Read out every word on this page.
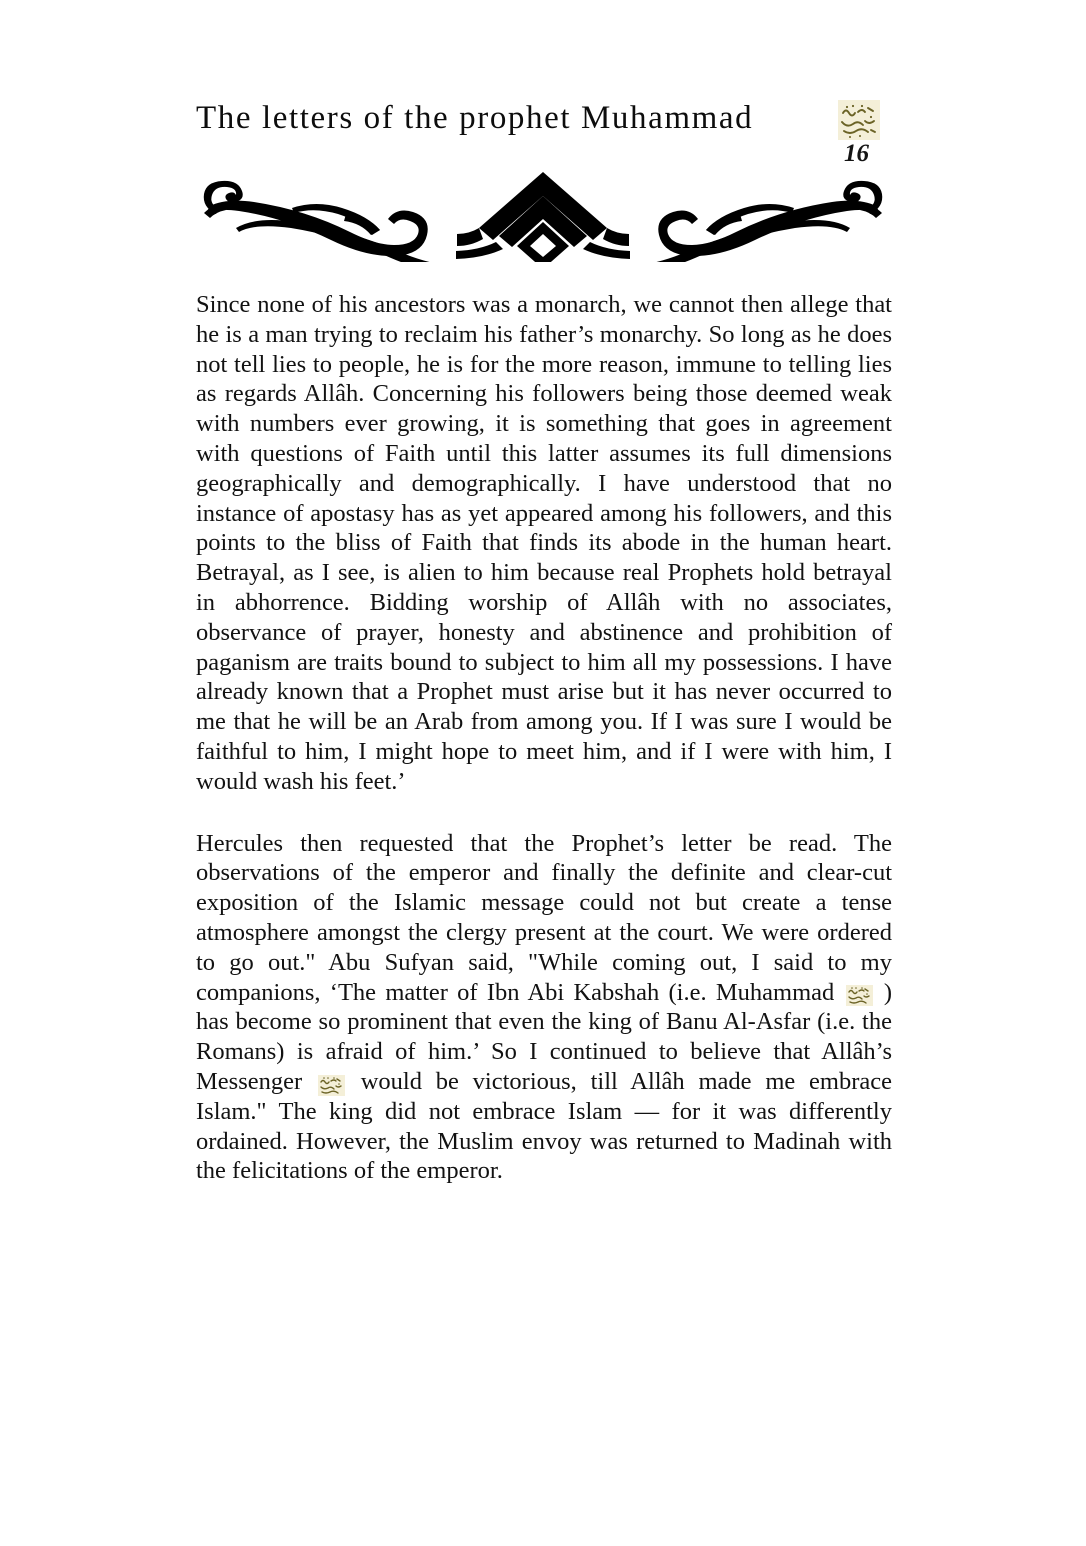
The letters of the prophet Muhammad
16

Since none of his ancestors was a monarch, we cannot then allege that he is a man trying to reclaim his father’s monarchy. So long as he does not tell lies to people, he is for the more reason, immune to telling lies as regards Allâh. Concerning his followers being those deemed weak with numbers ever growing, it is something that goes in agreement with questions of Faith until this latter assumes its full dimensions geographically and demographically. I have understood that no instance of apostasy has as yet appeared among his followers, and this points to the bliss of Faith that finds its abode in the human heart. Betrayal, as I see, is alien to him because real Prophets hold betrayal in abhorrence. Bidding worship of Allâh with no associates, observance of prayer, honesty and abstinence and prohibition of paganism are traits bound to subject to him all my possessions. I have already known that a Prophet must arise but it has never occurred to me that he will be an Arab from among you. If I was sure I would be faithful to him, I might hope to meet him, and if I were with him, I would wash his feet.’

Hercules then requested that the Prophet’s letter be read. The observations of the emperor and finally the definite and clear-cut exposition of the Islamic message could not but create a tense atmosphere amongst the clergy present at the court. We were ordered to go out." Abu Sufyan said, "While coming out, I said to my companions, ‘The matter of Ibn Abi Kabshah (i.e. Muhammad
) has become so prominent that even the king of Banu Al-Asfar (i.e. the Romans) is afraid of him.’ So I continued to believe that Allâh’s Messenger
would be victorious, till Allâh made me embrace Islam." The king did not embrace Islam — for it was differently ordained. However, the Muslim envoy was returned to Madinah with the felicitations of the emperor.
